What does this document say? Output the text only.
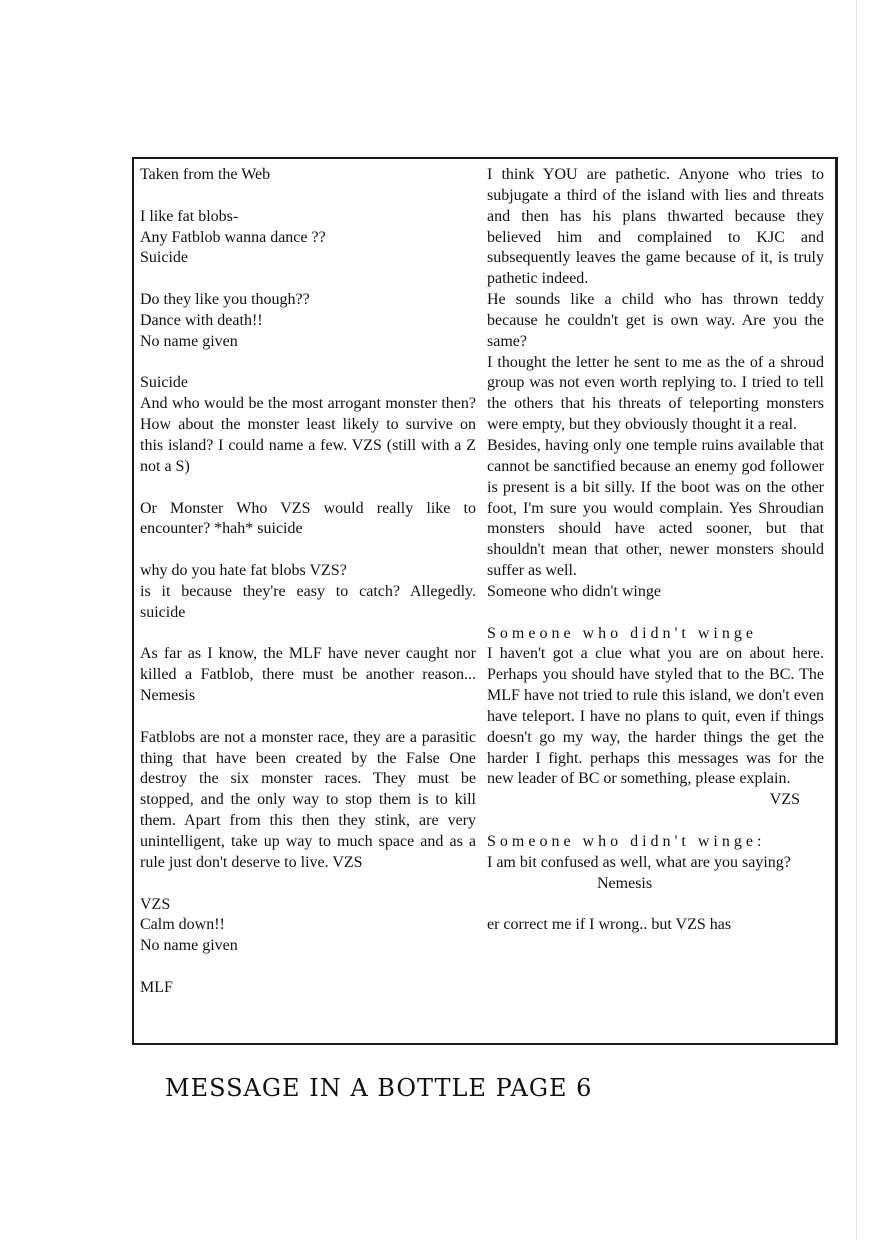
Taken from the Web
I like fat blobs-
Any Fatblob wanna dance ??
Suicide
Do they like you though??
Dance with death!!
No name given
Suicide
And who would be the most arrogant monster then? How about the monster least likely to survive on this island? I could name a few. VZS (still with a Z not a S)
Or Monster Who VZS would really like to encounter? *hah* suicide
why do you hate fat blobs VZS?
is it because they're easy to catch? Allegedly. suicide
As far as I know, the MLF have never caught nor killed a Fatblob, there must be another reason... Nemesis
Fatblobs are not a monster race, they are a parasitic thing that have been created by the False One destroy the six monster races. They must be stopped, and the only way to stop them is to kill them. Apart from this then they stink, are very unintelligent, take up way to much space and as a rule just don't deserve to live. VZS
VZS
Calm down!!
No name given
MLF
I think YOU are pathetic. Anyone who tries to subjugate a third of the island with lies and threats and then has his plans thwarted because they believed him and complained to KJC and subsequently leaves the game because of it, is truly pathetic indeed.
He sounds like a child who has thrown teddy because he couldn't get is own way. Are you the same?
I thought the letter he sent to me as the of a shroud group was not even worth replying to. I tried to tell the others that his threats of teleporting monsters were empty, but they obviously thought it a real.
Besides, having only one temple ruins available that cannot be sanctified because an enemy god follower is present is a bit silly. If the boot was on the other foot, I'm sure you would complain. Yes Shroudian monsters should have acted sooner, but that shouldn't mean that other, newer monsters should suffer as well.
Someone who didn't winge
Someone who didn't winge
I haven't got a clue what you are on about here. Perhaps you should have styled that to the BC. The MLF have not tried to rule this island, we don't even have teleport. I have no plans to quit, even if things doesn't go my way, the harder things the get the harder I fight. perhaps this messages was for the new leader of BC or something, please explain.
VZS
Someone who didn't winge:
I am bit confused as well, what are you saying?
Nemesis
er correct me if I wrong.. but VZS has
MESSAGE IN A BOTTLE PAGE 6
